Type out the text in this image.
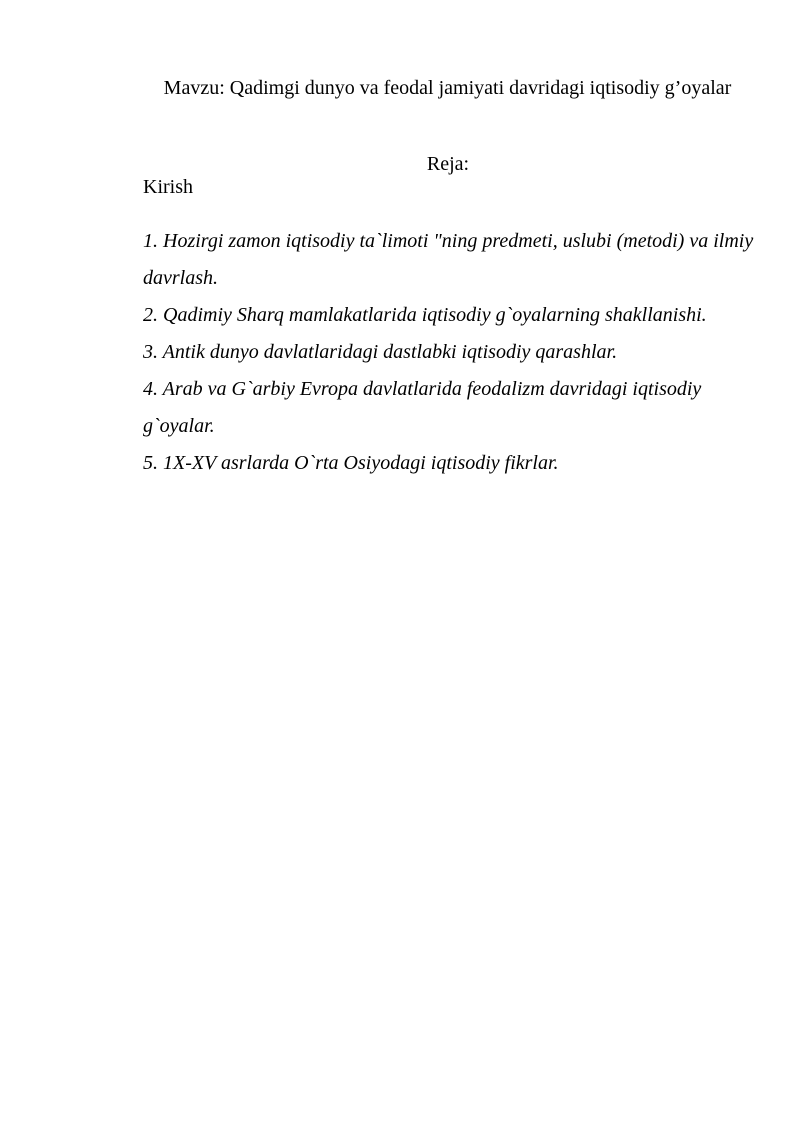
Mavzu: Qadimgi dunyo va feodal jamiyati davridagi iqtisodiy g’oyalar
Reja:
Kirish
1. Hozirgi zamon iqtisodiy ta`limoti "ning predmeti, uslubi (metodi) va ilmiy davrlash.
2. Qadimiy Sharq mamlakatlarida iqtisodiy g`oyalarning shakllanishi.
3. Antik dunyo davlatlaridagi dastlabki iqtisodiy qarashlar.
4. Arab va G`arbiy Evropa davlatlarida feodalizm davridagi iqtisodiy g`oyalar.
5. 1X-XV asrlarda O`rta Osiyodagi iqtisodiy fikrlar.
